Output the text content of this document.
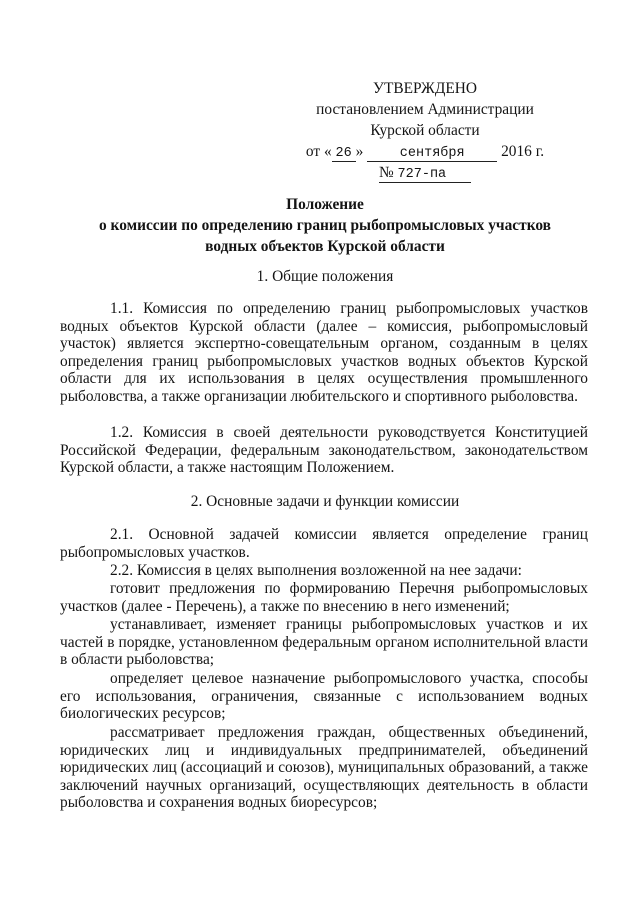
УТВЕРЖДЕНО
постановлением Администрации
Курской области
от « 26 »	сентября 2016 г.
№ 727-па
Положение
о комиссии по определению границ рыбопромысловых участков
водных объектов Курской области
1. Общие положения

1.1. Комиссия по определению границ рыбопромысловых участков водных объектов Курской области (далее – комиссия, рыбопромысловый участок) является экспертно-совещательным органом, созданным в целях определения границ рыбопромысловых участков водных объектов Курской области для их использования в целях осуществления промышленного рыболовства, а также организации любительского и спортивного рыболовства.

1.2. Комиссия в своей деятельности руководствуется Конституцией Российской Федерации, федеральным законодательством, законодательством Курской области, а также настоящим Положением.

2. Основные задачи и функции комиссии

2.1. Основной задачей комиссии является определение границ рыбопромысловых участков.

2.2. Комиссия в целях выполнения возложенной на нее задачи:

готовит предложения по формированию Перечня рыбопромысловых участков (далее - Перечень), а также по внесению в него изменений;

устанавливает, изменяет границы рыбопромысловых участков и их частей в порядке, установленном федеральным органом исполнительной власти в области рыболовства;

определяет целевое назначение рыбопромыслового участка, способы его использования, ограничения, связанные с использованием водных биологических ресурсов;

рассматривает предложения граждан, общественных объединений, юридических лиц и индивидуальных предпринимателей, объединений юридических лиц (ассоциаций и союзов), муниципальных образований, а также заключений научных организаций, осуществляющих деятельность в области рыболовства и сохранения водных биоресурсов;
